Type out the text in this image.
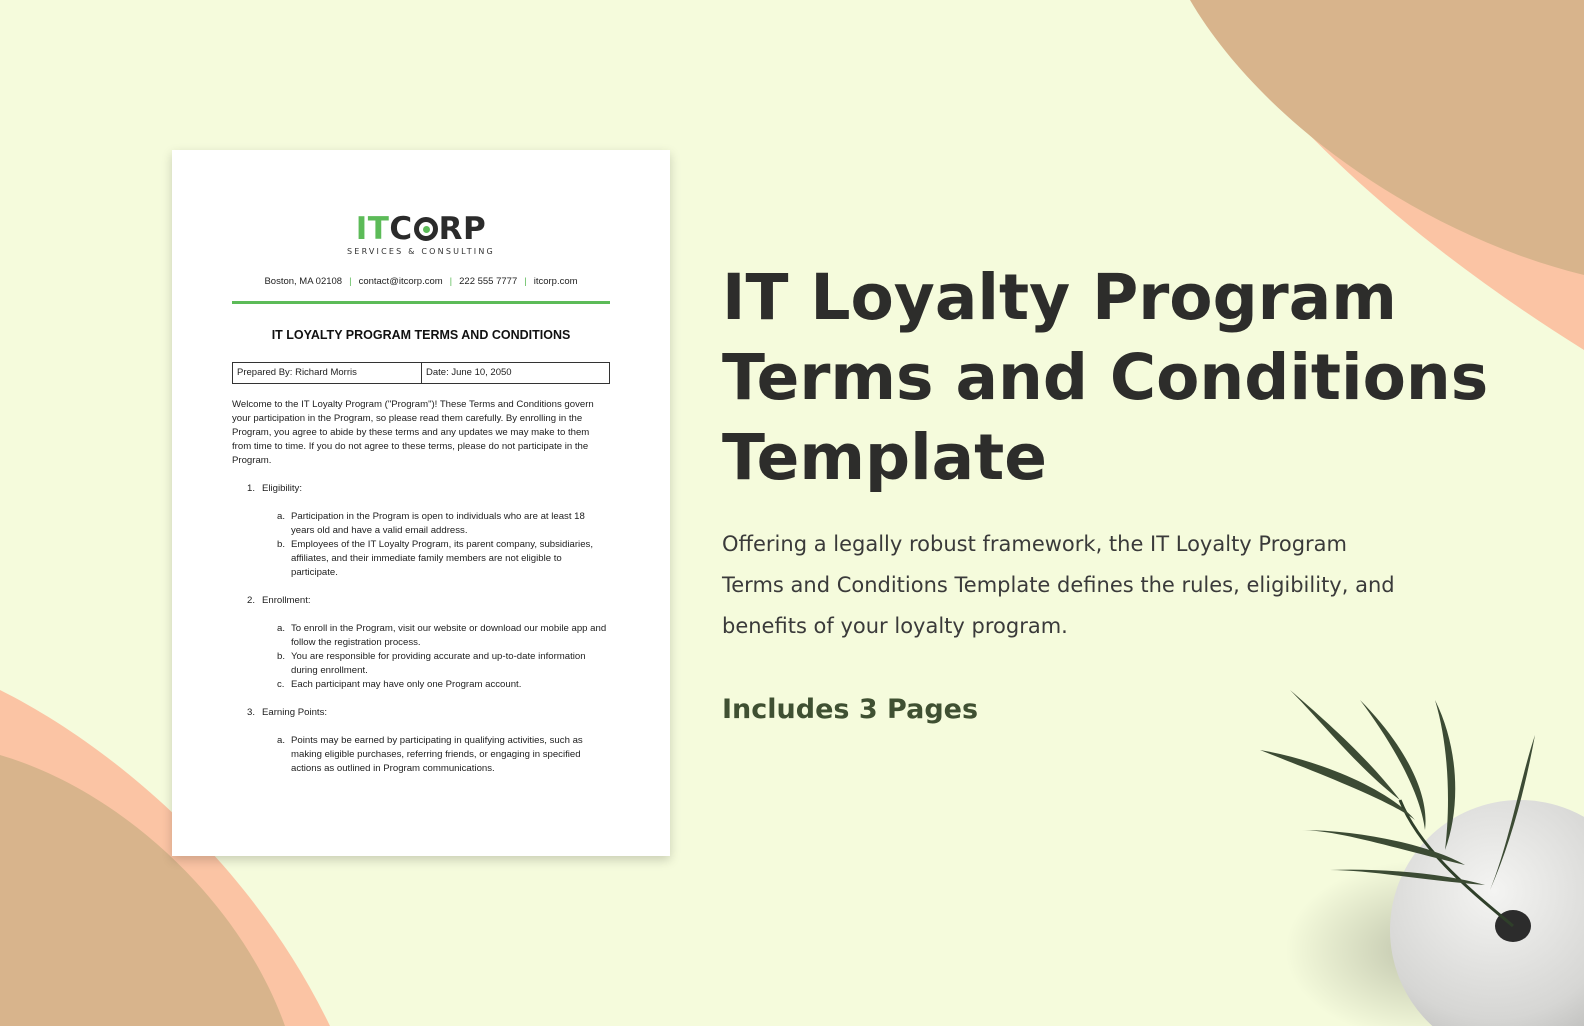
ITC RP
SERVICES & CONSULTING
Boston, MA 02108 | contact@itcorp.com | 222 555 7777 | itcorp.com
IT LOYALTY PROGRAM TERMS AND CONDITIONS
Prepared By: Richard Morris	Date: June 10, 2050

Welcome to the IT Loyalty Program ("Program")! These Terms and Conditions govern your participation in the Program, so please read them carefully. By enrolling in the Program, you agree to abide by these terms and any updates we may make to them from time to time. If you do not agree to these terms, please do not participate in the Program.

1. Eligibility:
a. Participation in the Program is open to individuals who are at least 18 years old and have a valid email address.
b. Employees of the IT Loyalty Program, its parent company, subsidiaries, affiliates, and their immediate family members are not eligible to participate.
2. Enrollment:
a. To enroll in the Program, visit our website or download our mobile app and follow the registration process.
b. You are responsible for providing accurate and up-to-date information during enrollment.
c. Each participant may have only one Program account.
3. Earning Points:
a. Points may be earned by participating in qualifying activities, such as making eligible purchases, referring friends, or engaging in specified actions as outlined in Program communications.
IT Loyalty Program
Terms and Conditions
Template
Offering a legally robust framework, the IT Loyalty Program Terms and Conditions Template defines the rules, eligibility, and benefits of your loyalty program.
Includes 3 Pages
